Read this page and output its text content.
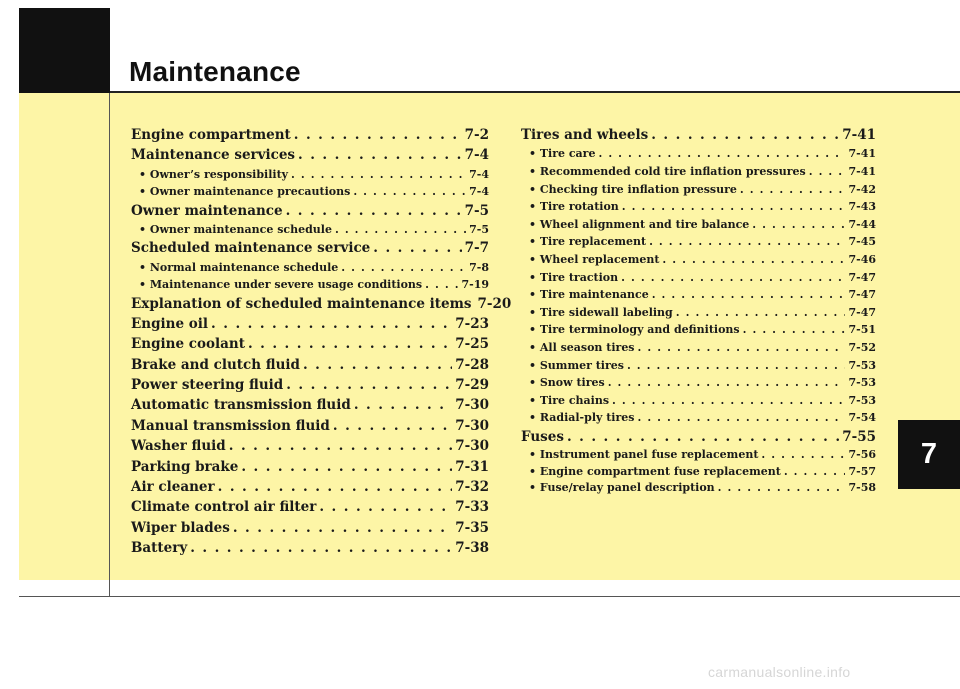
Maintenance
Engine compartment . . .	7-2
Maintenance services . . .	7-4
• Owner’s responsibility . . .	7-4
• Owner maintenance precautions . . .	7-4
Owner maintenance . . .	7-5
• Owner maintenance schedule . . .	7-5
Scheduled maintenance service . . .	7-7
• Normal maintenance schedule . . .	7-8
• Maintenance under severe usage conditions . . .	7-19
Explanation of scheduled maintenance items 7-20
Engine oil . . .	7-23
Engine coolant . . .	7-25
Brake and clutch fluid . . .	7-28
Power steering fluid . . .	7-29
Automatic transmission fluid . . .	7-30
Manual transmission fluid . . .	7-30
Washer fluid . . .	7-30
Parking brake . . .	7-31
Air cleaner . . .	7-32
Climate control air filter . . .	7-33
Wiper blades . . .	7-35
Battery . . .	7-38
Tires and wheels . . .	7-41
• Tire care . . .	7-41
• Recommended cold tire inflation pressures . . .	7-41
• Checking tire inflation pressure . . .	7-42
• Tire rotation . . .	7-43
• Wheel alignment and tire balance . . .	7-44
• Tire replacement . . .	7-45
• Wheel replacement . . .	7-46
• Tire traction . . .	7-47
• Tire maintenance . . .	7-47
• Tire sidewall labeling . . .	7-47
• Tire terminology and definitions . . .	7-51
• All season tires . . .	7-52
• Summer tires . . .	7-53
• Snow tires . . .	7-53
• Tire chains . . .	7-53
• Radial-ply tires . . .	7-54
Fuses . . .	7-55
• Instrument panel fuse replacement . . .	7-56
• Engine compartment fuse replacement . . .	7-57
• Fuse/relay panel description . . .	7-58
7
carmanualsonline.info
